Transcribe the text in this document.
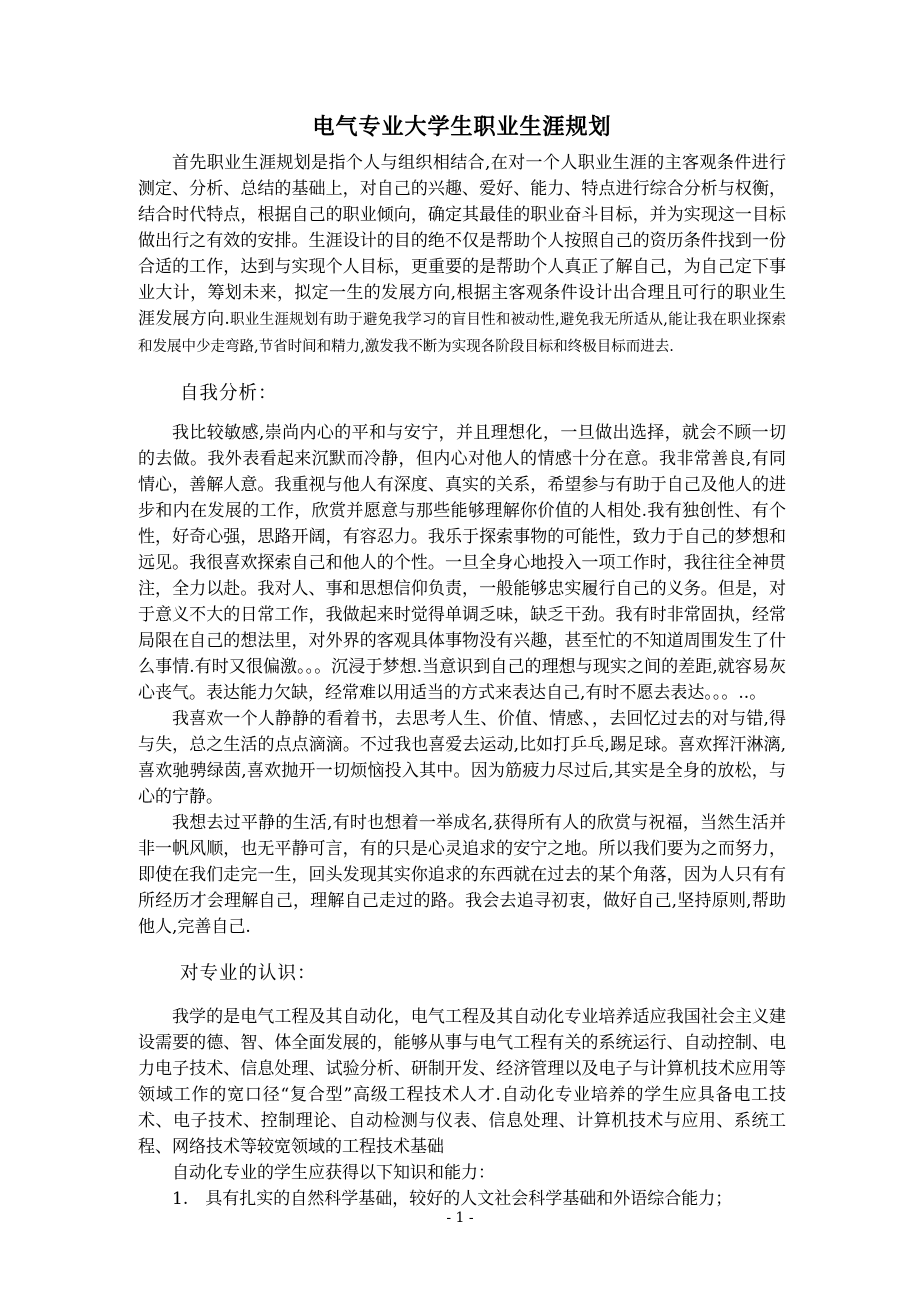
电气专业大学生职业生涯规划

首先职业生涯规划是指个人与组织相结合,在对一个人职业生涯的主客观条件进行测定、分析、总结的基础上，对自己的兴趣、爱好、能力、特点进行综合分析与权衡，结合时代特点，根据自己的职业倾向，确定其最佳的职业奋斗目标，并为实现这一目标做出行之有效的安排。生涯设计的目的绝不仅是帮助个人按照自己的资历条件找到一份合适的工作，达到与实现个人目标，更重要的是帮助个人真正了解自己，为自己定下事业大计，筹划未来，拟定一生的发展方向,根据主客观条件设计出合理且可行的职业生涯发展方向.职业生涯规划有助于避免我学习的盲目性和被动性,避免我无所适从,能让我在职业探索和发展中少走弯路,节省时间和精力,激发我不断为实现各阶段目标和终极目标而进去.

自我分析：

我比较敏感,崇尚内心的平和与安宁，并且理想化，一旦做出选择，就会不顾一切的去做。我外表看起来沉默而冷静，但内心对他人的情感十分在意。我非常善良,有同情心，善解人意。我重视与他人有深度、真实的关系，希望参与有助于自己及他人的进步和内在发展的工作，欣赏并愿意与那些能够理解你价值的人相处.我有独创性、有个性，好奇心强，思路开阔，有容忍力。我乐于探索事物的可能性，致力于自己的梦想和远见。我很喜欢探索自己和他人的个性。一旦全身心地投入一项工作时，我往往全神贯注，全力以赴。我对人、事和思想信仰负责，一般能够忠实履行自己的义务。但是，对于意义不大的日常工作，我做起来时觉得单调乏味，缺乏干劲。我有时非常固执，经常局限在自己的想法里，对外界的客观具体事物没有兴趣，甚至忙的不知道周围发生了什么事情.有时又很偏激。。。沉浸于梦想.当意识到自己的理想与现实之间的差距,就容易灰心丧气。表达能力欠缺，经常难以用适当的方式来表达自己,有时不愿去表达。。。..。

我喜欢一个人静静的看着书，去思考人生、价值、情感、，去回忆过去的对与错,得与失，总之生活的点点滴滴。不过我也喜爱去运动,比如打乒乓,踢足球。喜欢挥汗淋漓,喜欢驰骋绿茵,喜欢抛开一切烦恼投入其中。因为筋疲力尽过后,其实是全身的放松，与心的宁静。

我想去过平静的生活,有时也想着一举成名,获得所有人的欣赏与祝福，当然生活并非一帆风顺，也无平静可言，有的只是心灵追求的安宁之地。所以我们要为之而努力，即使在我们走完一生，回头发现其实你追求的东西就在过去的某个角落，因为人只有有所经历才会理解自己，理解自己走过的路。我会去追寻初衷，做好自己,坚持原则,帮助他人,完善自己.

对专业的认识：

我学的是电气工程及其自动化，电气工程及其自动化专业培养适应我国社会主义建设需要的德、智、体全面发展的，能够从事与电气工程有关的系统运行、自动控制、电力电子技术、信息处理、试验分析、研制开发、经济管理以及电子与计算机技术应用等领域工作的宽口径“复合型”高级工程技术人才.自动化专业培养的学生应具备电工技术、电子技术、控制理论、自动检测与仪表、信息处理、计算机技术与应用、系统工程、网络技术等较宽领域的工程技术基础

自动化专业的学生应获得以下知识和能力：

1.　具有扎实的自然科学基础，较好的人文社会科学基础和外语综合能力；

- 1 -
